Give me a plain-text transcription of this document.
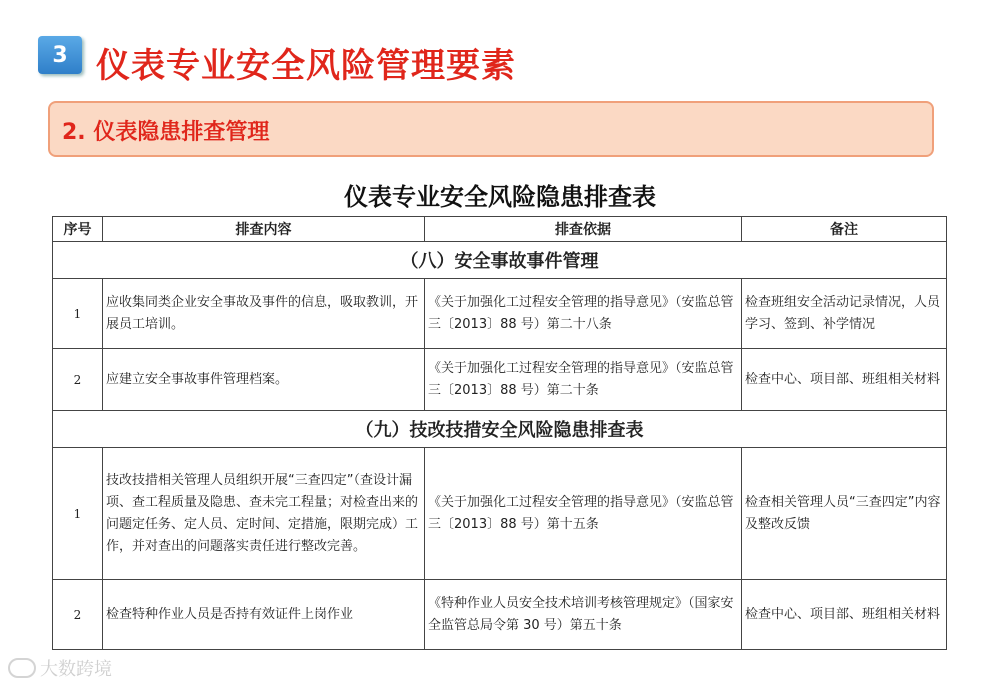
3 仪表专业安全风险管理要素
2. 仪表隐患排查管理
仪表专业安全风险隐患排查表
序号	排查内容	排查依据	备注
（八）安全事故事件管理			
1	应收集同类企业安全事故及事件的信息，吸取教训，开展员工培训。	《关于加强化工过程安全管理的指导意见》（安监总管三〔2013〕88 号）第二十八条	检查班组安全活动记录情况，人员学习、签到、补学情况

2	应建立安全事故事件管理档案。	《关于加强化工过程安全管理的指导意见》（安监总管三〔2013〕88 号）第二十条	检查中心、项目部、班组相关材料

（九）技改技措安全风险隐患排查表			
1	技改技措相关管理人员组织开展“三查四定”（查设计漏项、查工程质量及隐患、查未完工程量；对检查出来的问题定任务、定人员、定时间、定措施，限期完成）工作，并对查出的问题落实责任进行整改完善。	《关于加强化工过程安全管理的指导意见》（安监总管三〔2013〕88 号）第十五条	检查相关管理人员“三查四定”内容及整改反馈

2	检查特种作业人员是否持有效证件上岗作业	《特种作业人员安全技术培训考核管理规定》（国家安全监管总局令第 30 号）第五十条	检查中心、项目部、班组相关材料
大数跨境
